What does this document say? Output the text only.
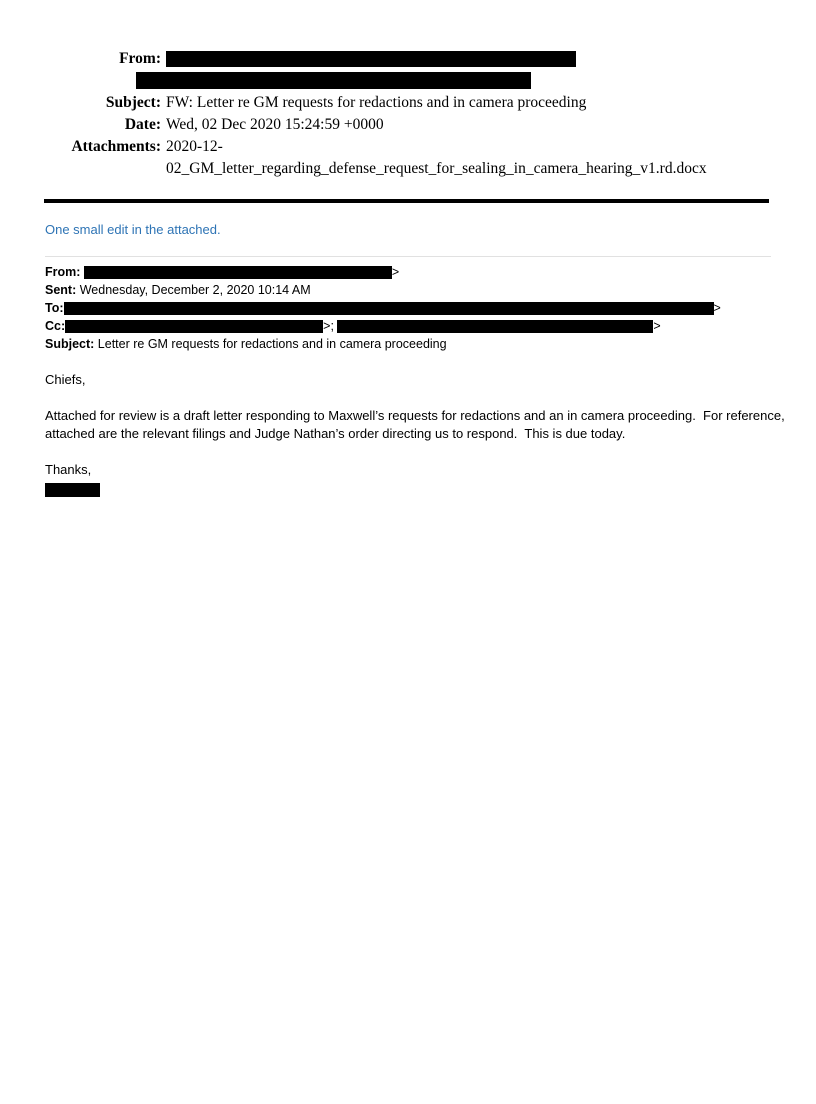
From:
Subject: FW: Letter re GM requests for redactions and in camera proceeding
Date: Wed, 02 Dec 2020 15:24:59 +0000
Attachments: 2020-12-02_GM_letter_regarding_defense_request_for_sealing_in_camera_hearing_v1.rd.docx
One small edit in the attached.
From:	>
Sent: Wednesday, December 2, 2020 10:14 AM
To:	>
Cc:	>;	>
Subject: Letter re GM requests for redactions and in camera proceeding
Chiefs,
Attached for review is a draft letter responding to Maxwell’s requests for redactions and an in camera proceeding.  For reference, attached are the relevant filings and Judge Nathan’s order directing us to respond.  This is due today.
Thanks,
